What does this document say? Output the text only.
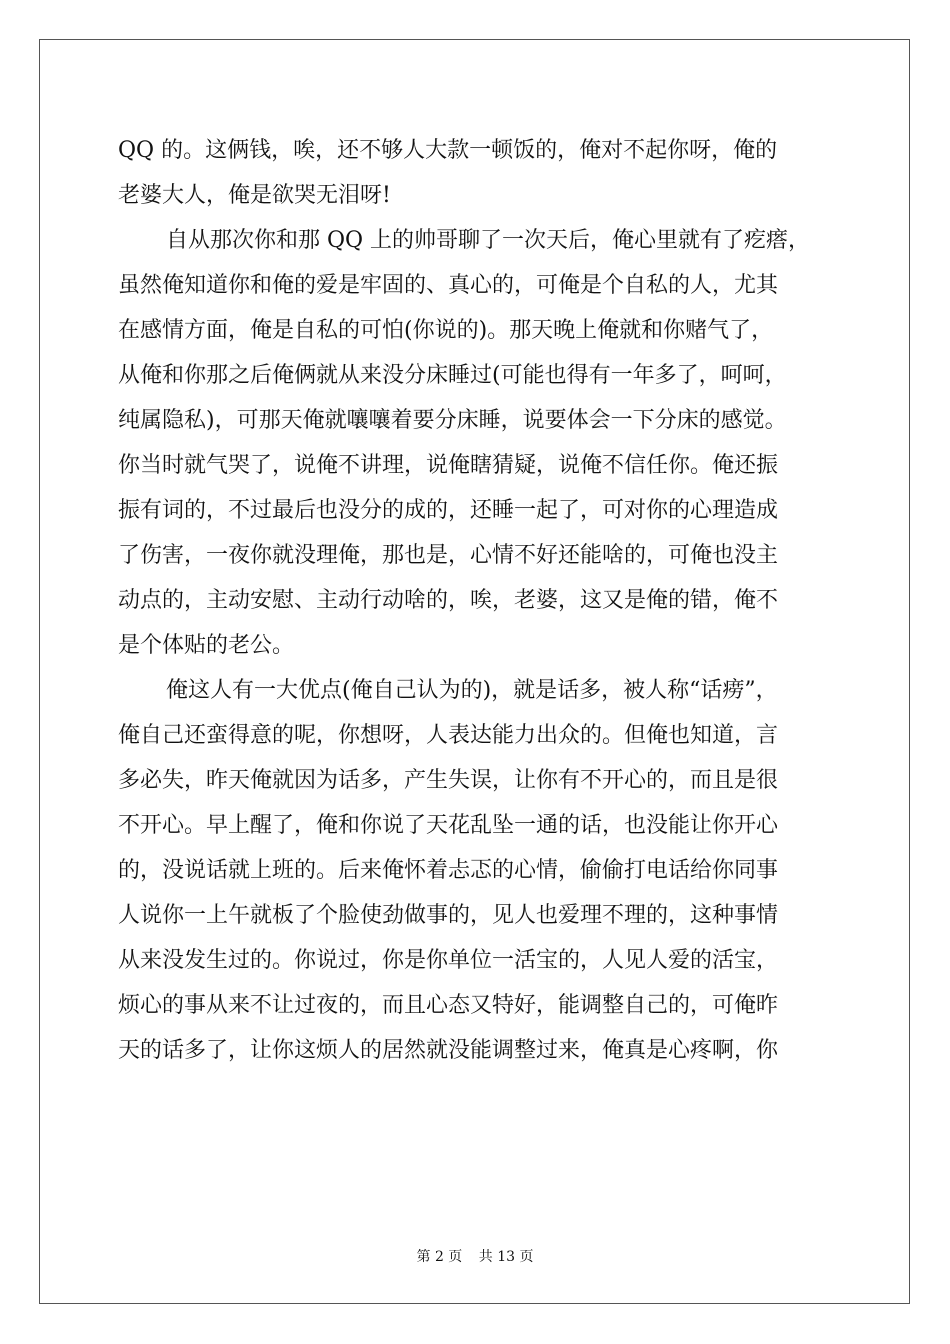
QQ 的。这俩钱，唉，还不够人大款一顿饭的，俺对不起你呀，俺的
老婆大人，俺是欲哭无泪呀!
自从那次你和那 QQ 上的帅哥聊了一次天后，俺心里就有了疙瘩，
虽然俺知道你和俺的爱是牢固的、真心的，可俺是个自私的人，尤其
在感情方面，俺是自私的可怕(你说的)。那天晚上俺就和你赌气了，
从俺和你那之后俺俩就从来没分床睡过(可能也得有一年多了，呵呵，
纯属隐私)，可那天俺就嚷嚷着要分床睡，说要体会一下分床的感觉。
你当时就气哭了，说俺不讲理，说俺瞎猜疑，说俺不信任你。俺还振
振有词的，不过最后也没分的成的，还睡一起了，可对你的心理造成
了伤害，一夜你就没理俺，那也是，心情不好还能啥的，可俺也没主
动点的，主动安慰、主动行动啥的，唉，老婆，这又是俺的错，俺不
是个体贴的老公。
俺这人有一大优点(俺自己认为的)，就是话多，被人称“话痨”，
俺自己还蛮得意的呢，你想呀，人表达能力出众的。但俺也知道，言
多必失，昨天俺就因为话多，产生失误，让你有不开心的，而且是很
不开心。早上醒了，俺和你说了天花乱坠一通的话，也没能让你开心
的，没说话就上班的。后来俺怀着忐忑的心情，偷偷打电话给你同事
人说你一上午就板了个脸使劲做事的，见人也爱理不理的，这种事情
从来没发生过的。你说过，你是你单位一活宝的，人见人爱的活宝，
烦心的事从来不让过夜的，而且心态又特好，能调整自己的，可俺昨
天的话多了，让你这烦人的居然就没能调整过来，俺真是心疼啊，你
第 2 页 共 13 页
